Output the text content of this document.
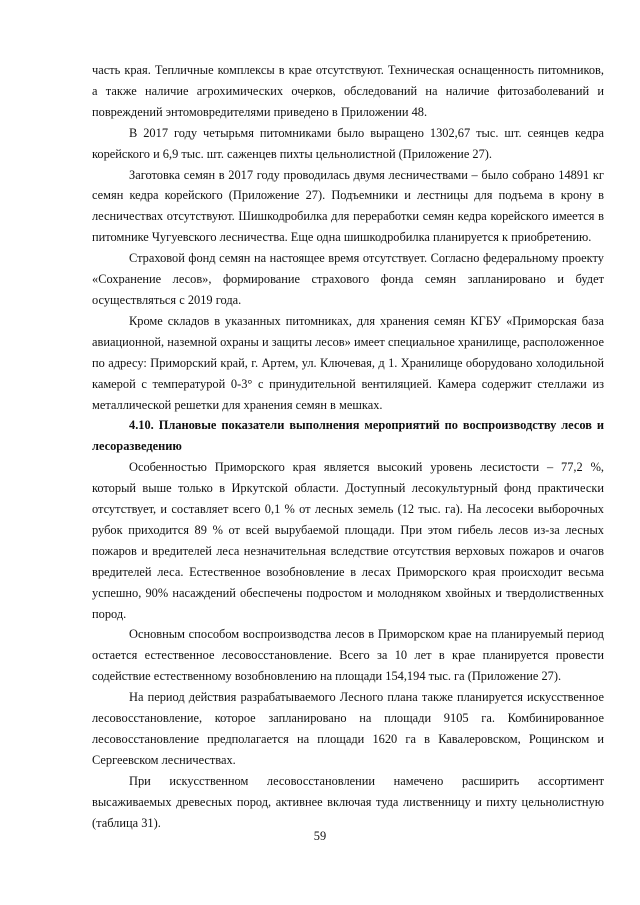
часть края. Тепличные комплексы в крае отсутствуют. Техническая оснащенность питомников, а также наличие агрохимических очерков, обследований на наличие фитозаболеваний и повреждений энтомовредителями приведено в Приложении 48.

В 2017 году четырьмя питомниками было выращено 1302,67 тыс. шт. сеянцев кедра корейского и 6,9 тыс. шт. саженцев пихты цельнолистной (Приложение 27).

Заготовка семян в 2017 году проводилась двумя лесничествами – было собрано 14891 кг семян кедра корейского (Приложение 27). Подъемники и лестницы для подъема в крону в лесничествах отсутствуют. Шишкодробилка для переработки семян кедра корейского имеется в питомнике Чугуевского лесничества. Еще одна шишкодробилка планируется к приобретению.

Страховой фонд семян на настоящее время отсутствует. Согласно федеральному проекту «Сохранение лесов», формирование страхового фонда семян запланировано и будет осуществляться с 2019 года.

Кроме складов в указанных питомниках, для хранения семян КГБУ «Приморская база авиационной, наземной охраны и защиты лесов» имеет специальное хранилище, расположенное по адресу: Приморский край, г. Артем, ул. Ключевая, д 1. Хранилище оборудовано холодильной камерой с температурой 0-3° с принудительной вентиляцией. Камера содержит стеллажи из металлической решетки для хранения семян в мешках.

4.10. Плановые показатели выполнения мероприятий по воспроизводству лесов и лесоразведению

Особенностью Приморского края является высокий уровень лесистости – 77,2 %, который выше только в Иркутской области. Доступный лесокультурный фонд практически отсутствует, и составляет всего 0,1 % от лесных земель (12 тыс. га). На лесосеки выборочных рубок приходится 89 % от всей вырубаемой площади. При этом гибель лесов из-за лесных пожаров и вредителей леса незначительная вследствие отсутствия верховых пожаров и очагов вредителей леса. Естественное возобновление в лесах Приморского края происходит весьма успешно, 90% насаждений обеспечены подростом и молодняком хвойных и твердолиственных пород.

Основным способом воспроизводства лесов в Приморском крае на планируемый период остается естественное лесовосстановление. Всего за 10 лет в крае планируется провести содействие естественному возобновлению на площади 154,194 тыс. га (Приложение 27).

На период действия разрабатываемого Лесного плана также планируется искусственное лесовосстановление, которое запланировано на площади 9105 га. Комбинированное лесовосстановление предполагается на площади 1620 га в Кавалеровском, Рощинском и Сергеевском лесничествах.

При искусственном лесовосстановлении намечено расширить ассортимент высаживаемых древесных пород, активнее включая туда лиственницу и пихту цельнолистную (таблица 31).

59
